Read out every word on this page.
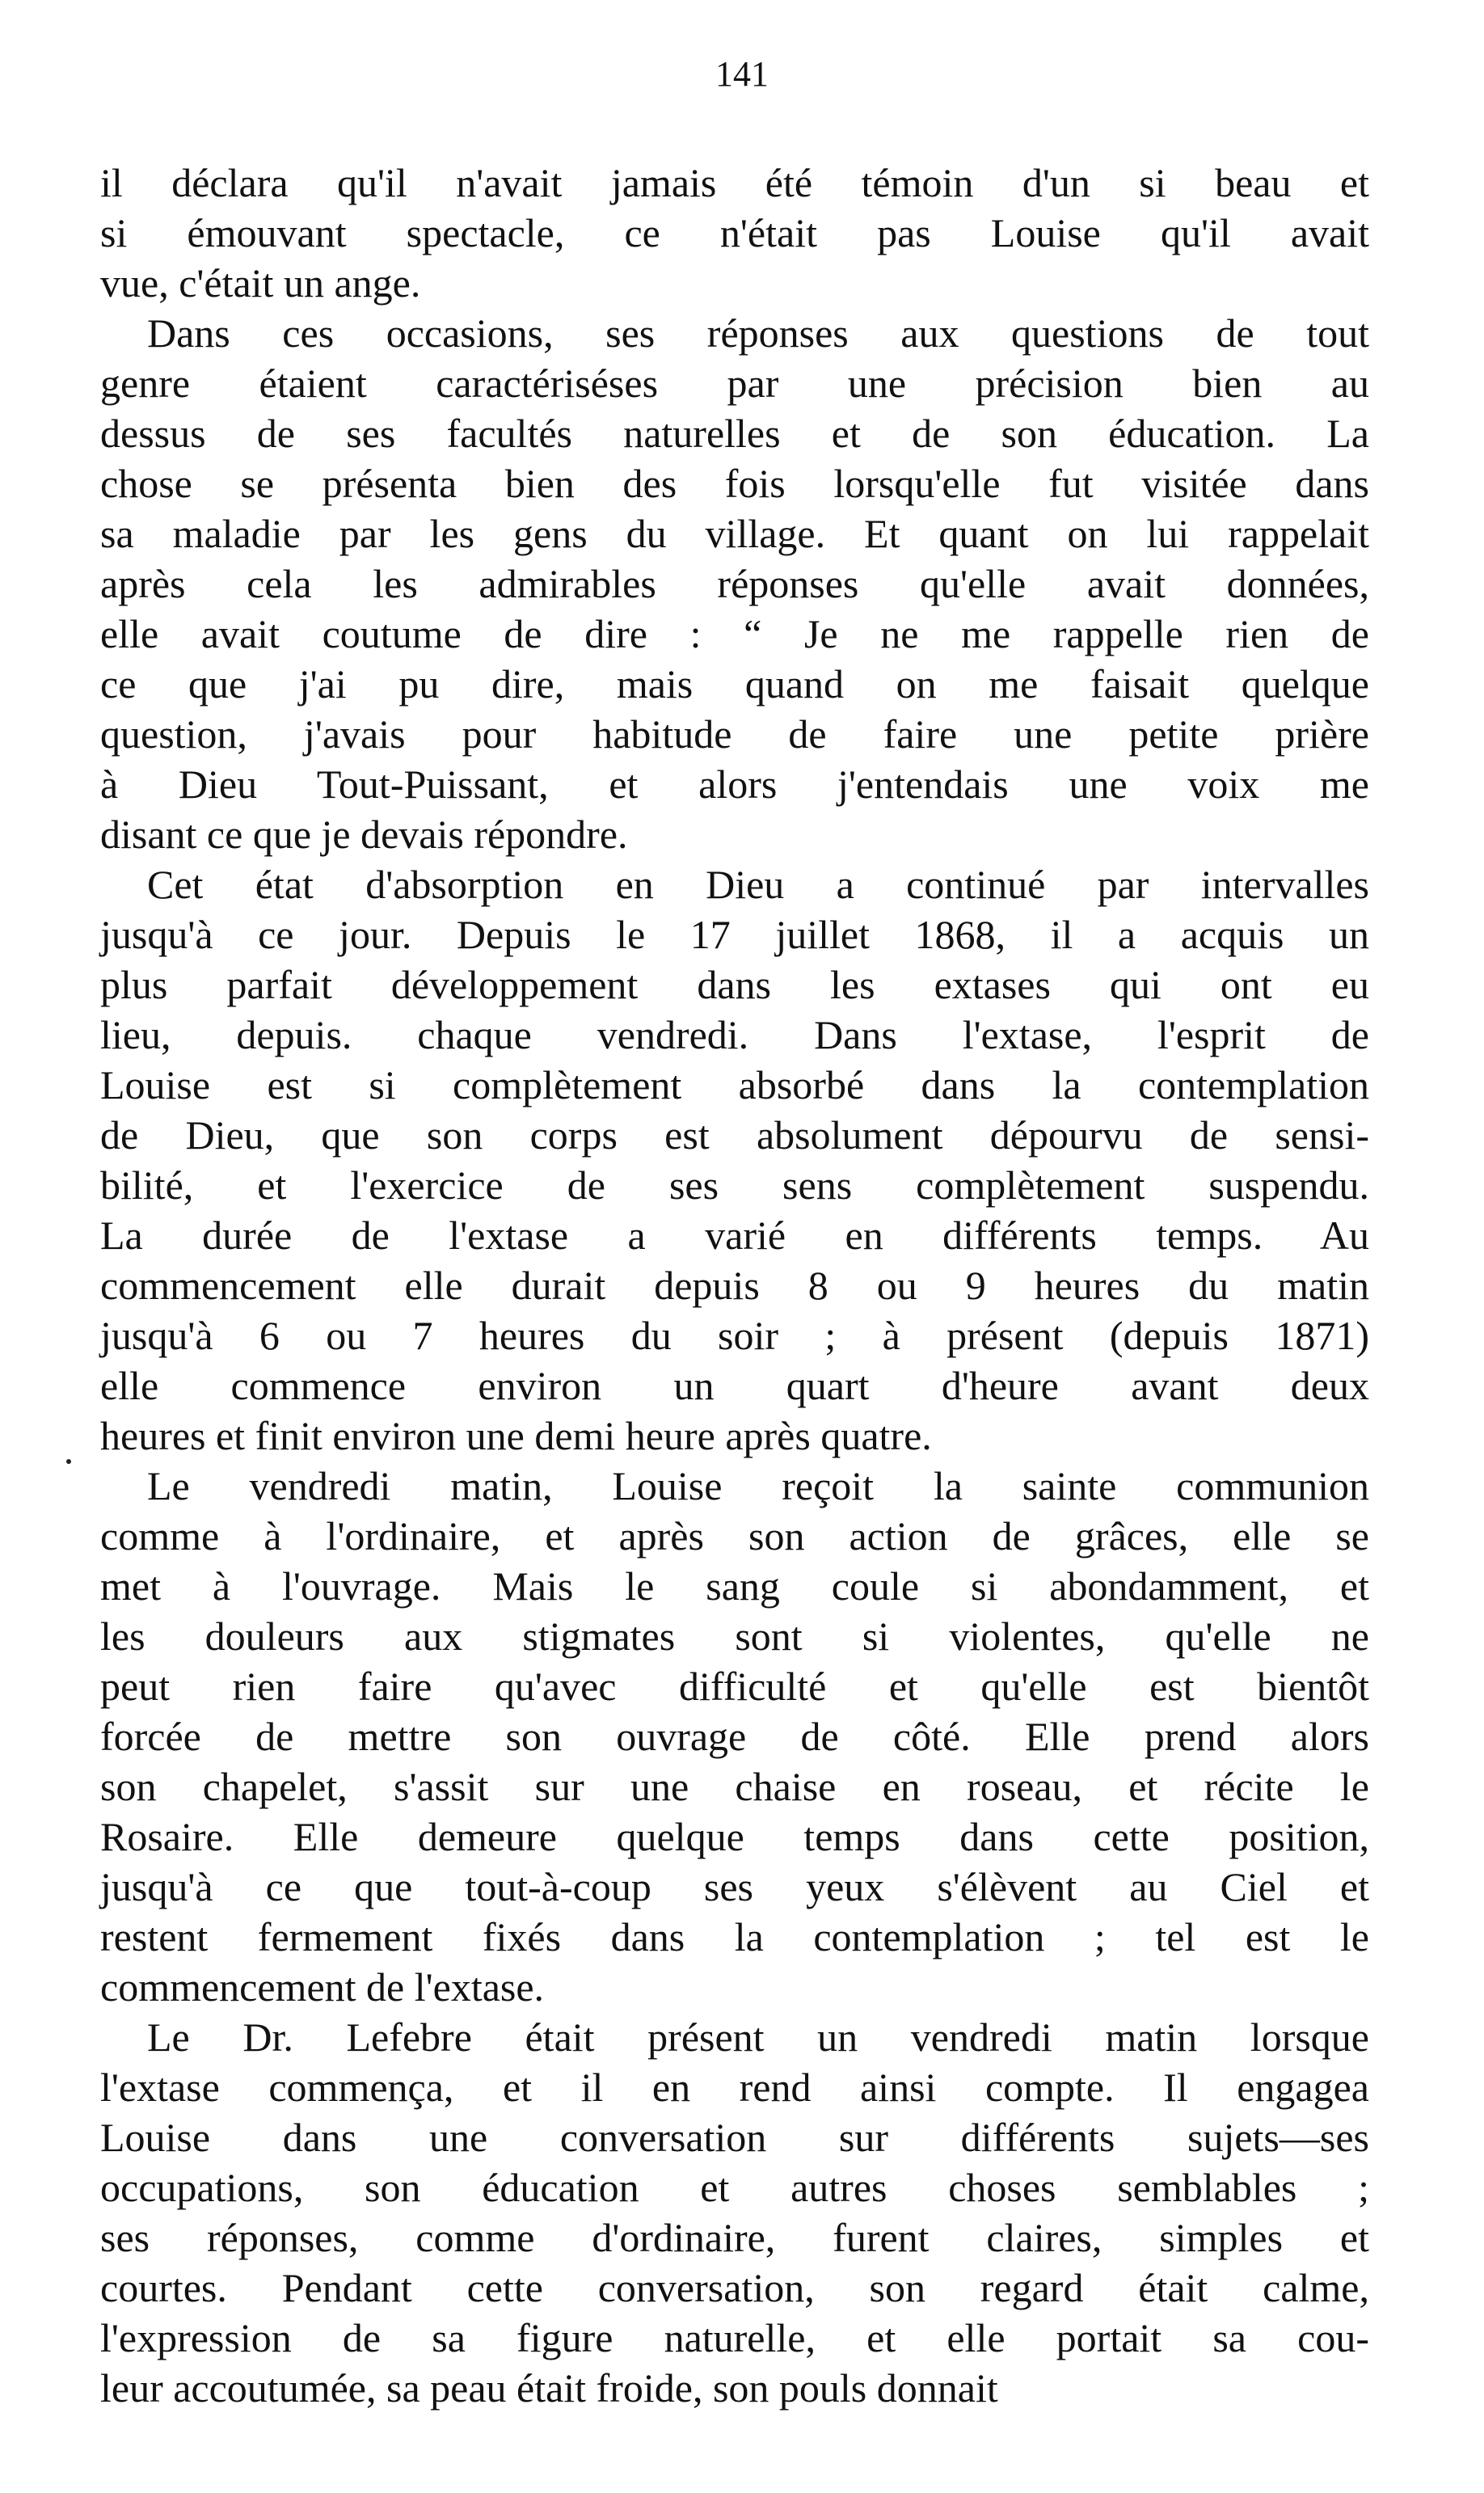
141

il déclara qu'il n'avait jamais été témoin d'un si beau et
si émouvant spectacle, ce n'était pas Louise qu'il avait
vue, c'était un ange.

Dans ces occasions, ses réponses aux questions de tout
genre étaient caractériséses par une précision bien au
dessus de ses facultés naturelles et de son éducation. La
chose se présenta bien des fois lorsqu'elle fut visitée dans
sa maladie par les gens du village. Et quant on lui rappelait
après cela les admirables réponses qu'elle avait données,
elle avait coutume de dire : “ Je ne me rappelle rien de
ce que j'ai pu dire, mais quand on me faisait quelque
question, j'avais pour habitude de faire une petite prière
à Dieu Tout-Puissant, et alors j'entendais une voix me
disant ce que je devais répondre.

Cet état d'absorption en Dieu a continué par intervalles
jusqu'à ce jour. Depuis le 17 juillet 1868, il a acquis un
plus parfait développement dans les extases qui ont eu
lieu, depuis. chaque vendredi. Dans l'extase, l'esprit de
Louise est si complètement absorbé dans la contemplation
de Dieu, que son corps est absolument dépourvu de sensi-
bilité, et l'exercice de ses sens complètement suspendu.
La durée de l'extase a varié en différents temps. Au
commencement elle durait depuis 8 ou 9 heures du matin
jusqu'à 6 ou 7 heures du soir ; à présent (depuis 1871)
elle commence environ un quart d'heure avant deux
heures et finit environ une demi heure après quatre.

Le vendredi matin, Louise reçoit la sainte communion
comme à l'ordinaire, et après son action de grâces, elle se
met à l'ouvrage. Mais le sang coule si abondamment, et
les douleurs aux stigmates sont si violentes, qu'elle ne
peut rien faire qu'avec difficulté et qu'elle est bientôt
forcée de mettre son ouvrage de côté. Elle prend alors
son chapelet, s'assit sur une chaise en roseau, et récite le
Rosaire. Elle demeure quelque temps dans cette position,
jusqu'à ce que tout-à-coup ses yeux s'élèvent au Ciel et
restent fermement fixés dans la contemplation ; tel est le
commencement de l'extase.

Le Dr. Lefebre était présent un vendredi matin lorsque
l'extase commença, et il en rend ainsi compte. Il engagea
Louise dans une conversation sur différents sujets—ses
occupations, son éducation et autres choses semblables ;
ses réponses, comme d'ordinaire, furent claires, simples et
courtes. Pendant cette conversation, son regard était calme,
l'expression de sa figure naturelle, et elle portait sa cou-
leur accoutumée, sa peau était froide, son pouls donnait
